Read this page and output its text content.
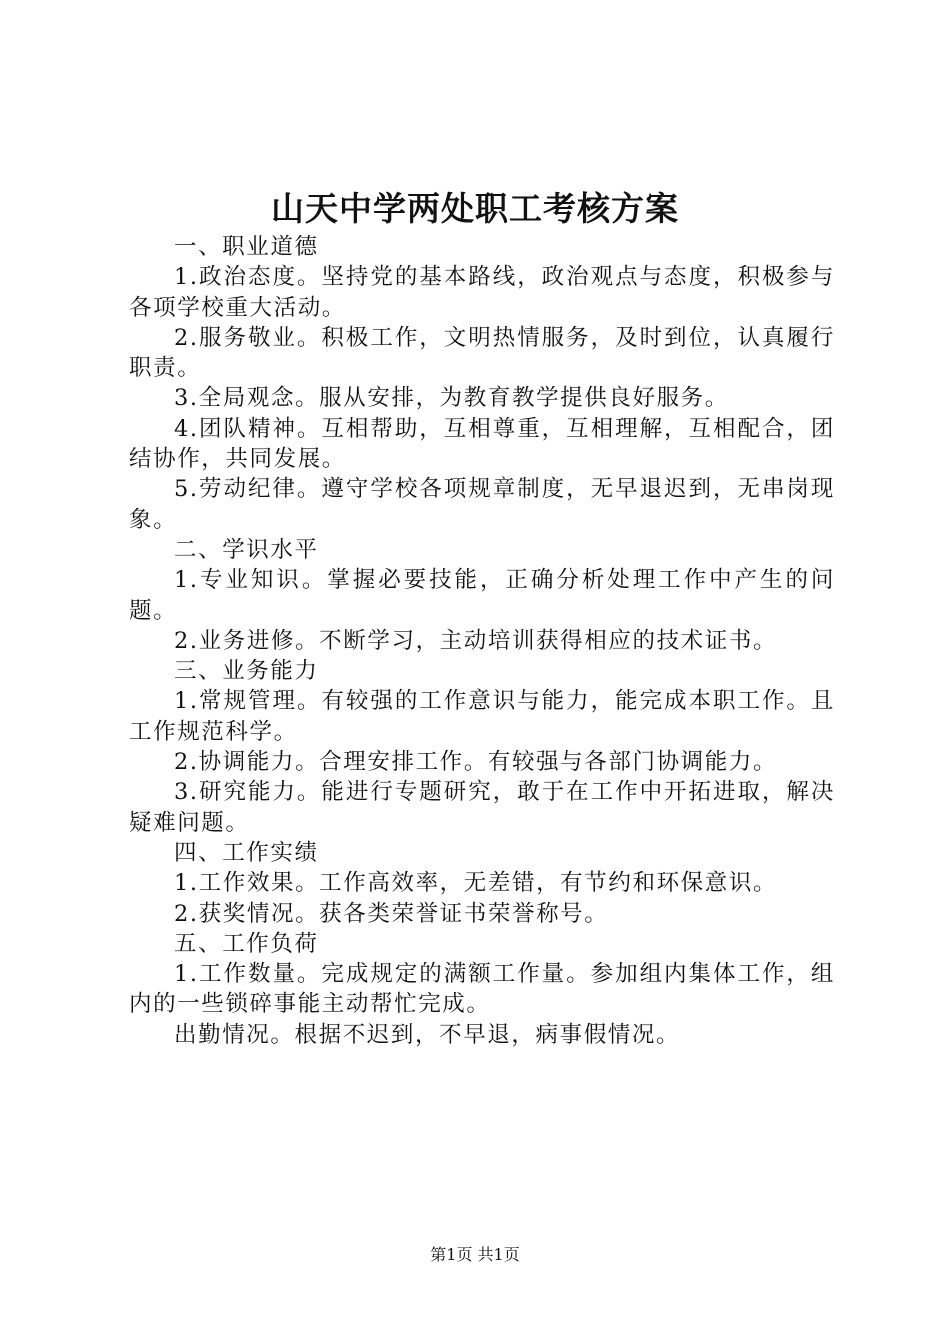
山天中学两处职工考核方案

一、职业道德

1.政治态度。坚持党的基本路线，政治观点与态度，积极参与各项学校重大活动。

2.服务敬业。积极工作，文明热情服务，及时到位，认真履行职责。

3.全局观念。服从安排，为教育教学提供良好服务。

4.团队精神。互相帮助，互相尊重，互相理解，互相配合，团结协作，共同发展。

5.劳动纪律。遵守学校各项规章制度，无早退迟到，无串岗现象。

二、学识水平

1.专业知识。掌握必要技能，正确分析处理工作中产生的问题。

2.业务进修。不断学习，主动培训获得相应的技术证书。

三、业务能力

1.常规管理。有较强的工作意识与能力，能完成本职工作。且工作规范科学。

2.协调能力。合理安排工作。有较强与各部门协调能力。

3.研究能力。能进行专题研究，敢于在工作中开拓进取，解决疑难问题。

四、工作实绩

1.工作效果。工作高效率，无差错，有节约和环保意识。

2.获奖情况。获各类荣誉证书荣誉称号。

五、工作负荷

1.工作数量。完成规定的满额工作量。参加组内集体工作，组内的一些锁碎事能主动帮忙完成。

出勤情况。根据不迟到，不早退，病事假情况。

第1页 共1页
